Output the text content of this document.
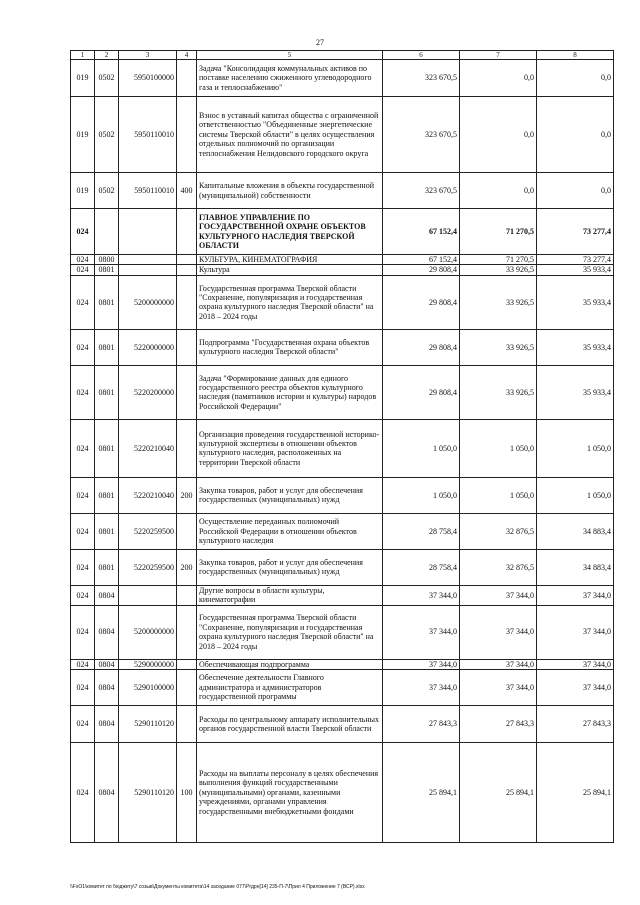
27
1	2	3	4	5	6	7	8
019	0502	5950100000		Задача "Консолидация коммунальных активов по поставке населению сжиженного углеводородного газа и теплоснабжению"	323 670,5	0,0	0,0
019	0502	5950110010		Взнос в уставный капитал общества с ограниченной ответственностью "Объединенные энергетические системы Тверской области" в целях осуществления отдельных полномочий по организации теплоснабжения Нелидовского городского округа	323 670,5	0,0	0,0
019	0502	5950110010	400	Капитальные вложения в объекты государственной (муниципальной) собственности	323 670,5	0,0	0,0
024				ГЛАВНОЕ УПРАВЛЕНИЕ ПО ГОСУДАРСТВЕННОЙ ОХРАНЕ ОБЪЕКТОВ КУЛЬТУРНОГО НАСЛЕДИЯ ТВЕРСКОЙ ОБЛАСТИ	67 152,4	71 270,5	73 277,4
024	0800			КУЛЬТУРА, КИНЕМАТОГРАФИЯ	67 152,4	71 270,5	73 277,4
024	0801			Культура	29 808,4	33 926,5	35 933,4
024	0801	5200000000		Государственная программа Тверской области "Сохранение, популяризация и государственная охрана культурного наследия Тверской области" на 2018 – 2024 годы	29 808,4	33 926,5	35 933,4
024	0801	5220000000		Подпрограмма "Государственная охрана объектов культурного наследия Тверской области"	29 808,4	33 926,5	35 933,4
024	0801	5220200000		Задача "Формирование данных для единого государственного реестра объектов культурного наследия (памятников истории и культуры) народов Российской Федерации"	29 808,4	33 926,5	35 933,4
024	0801	5220210040		Организация проведения государственной историко-культурной экспертизы в отношении объектов культурного наследия, расположенных на территории Тверской области	1 050,0	1 050,0	1 050,0
024	0801	5220210040	200	Закупка товаров, работ и услуг для обеспечения государственных (муниципальных) нужд	1 050,0	1 050,0	1 050,0
024	0801	5220259500		Осуществление переданных полномочий Российской Федерации в отношении объектов культурного наследия	28 758,4	32 876,5	34 883,4
024	0801	5220259500	200	Закупка товаров, работ и услуг для обеспечения государственных (муниципальных) нужд	28 758,4	32 876,5	34 883,4
024	0804			Другие вопросы в области культуры, кинематографии	37 344,0	37 344,0	37 344,0
024	0804	5200000000		Государственная программа Тверской области "Сохранение, популяризация и государственная охрана культурного наследия Тверской области" на 2018 – 2024 годы	37 344,0	37 344,0	37 344,0
024	0804	5290000000		Обеспечивающая подпрограмма	37 344,0	37 344,0	37 344,0
024	0804	5290100000		Обеспечение деятельности Главного администратора и администраторов государственной программы	37 344,0	37 344,0	37 344,0
024	0804	5290110120		Расходы по центральному аппарату исполнительных органов государственной власти Тверской области	27 843,3	27 843,3	27 843,3
024	0804	5290110120	100	Расходы на выплаты персоналу в целях обеспечения выполнения функций государственными (муниципальными) органами, казенными учреждениями, органами управления государственными внебюджетными фондами	25 894,1	25 894,1	25 894,1
\\FsO1\комитет по бюджету\7 созыв\Документы комитета\14 заседание 077\Ргдрн[14] 235-П-7\Прил 4 Приложение 7 (ВСР).xlsx
